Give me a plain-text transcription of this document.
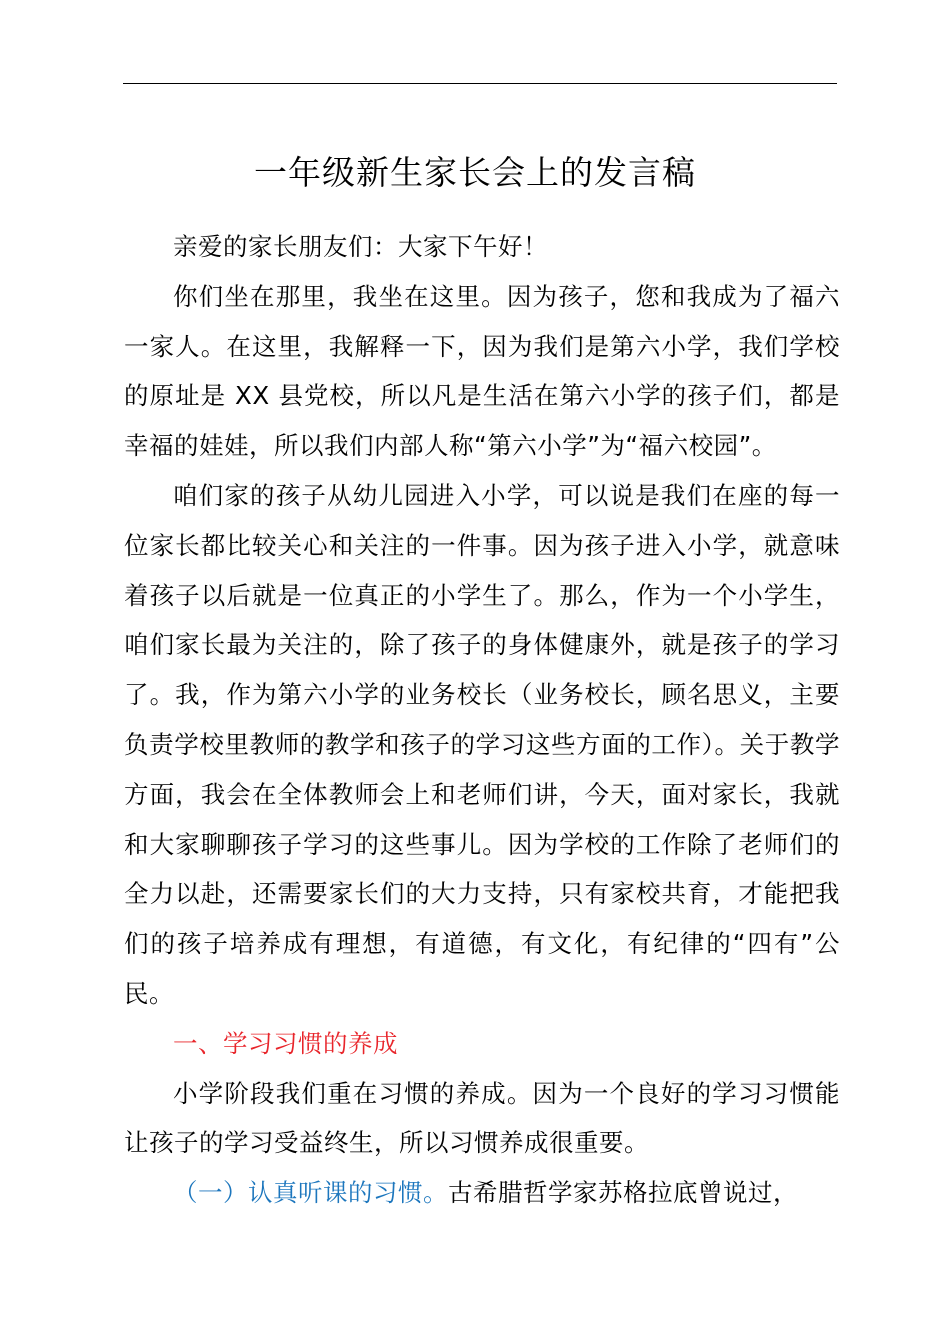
一年级新生家长会上的发言稿

亲爱的家长朋友们：大家下午好！

你们坐在那里，我坐在这里。因为孩子，您和我成为了福六一家人。在这里，我解释一下，因为我们是第六小学，我们学校的原址是 XX 县党校，所以凡是生活在第六小学的孩子们，都是幸福的娃娃，所以我们内部人称“第六小学”为“福六校园”。

咱们家的孩子从幼儿园进入小学，可以说是我们在座的每一位家长都比较关心和关注的一件事。因为孩子进入小学，就意味着孩子以后就是一位真正的小学生了。那么，作为一个小学生，咱们家长最为关注的，除了孩子的身体健康外，就是孩子的学习了。我，作为第六小学的业务校长（业务校长，顾名思义，主要负责学校里教师的教学和孩子的学习这些方面的工作）。关于教学方面，我会在全体教师会上和老师们讲，今天，面对家长，我就和大家聊聊孩子学习的这些事儿。因为学校的工作除了老师们的全力以赴，还需要家长们的大力支持，只有家校共育，才能把我们的孩子培养成有理想，有道德，有文化，有纪律的“四有”公民。

一、学习习惯的养成

小学阶段我们重在习惯的养成。因为一个良好的学习习惯能让孩子的学习受益终生，所以习惯养成很重要。

（一）认真听课的习惯。古希腊哲学家苏格拉底曾说过，
